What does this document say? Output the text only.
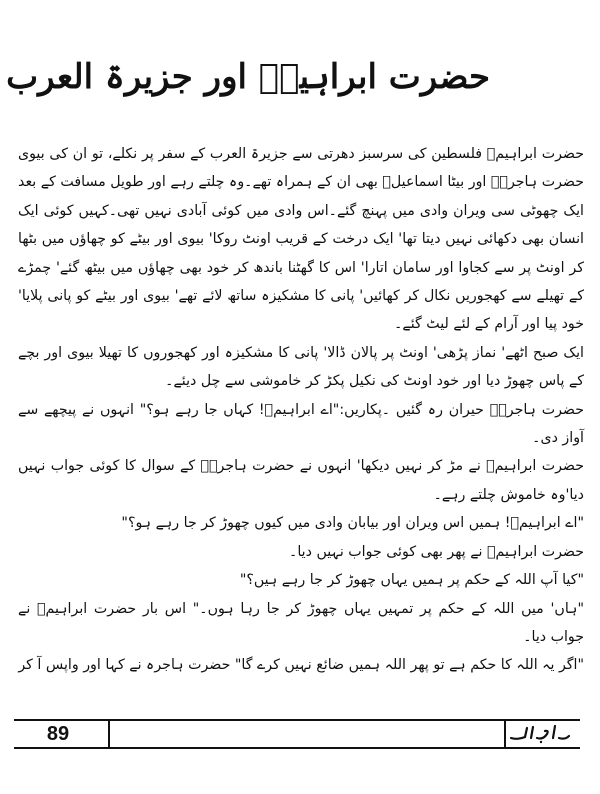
حضرت ابراہیمؑ اور جزیرۃ العرب

حضرت ابراہیمؑ فلسطین کی سرسبز دھرتی سے جزیرۃ العرب کے سفر پر نکلے، تو ان کی بیوی حضرت ہاجرہؑ اور بیٹا اسماعیلؑ بھی ان کے ہمراہ تھے۔وہ چلتے رہے اور طویل مسافت کے بعد ایک چھوٹی سی ویران وادی میں پہنچ گئے۔اس وادی میں کوئی آبادی نہیں تھی۔کہیں کوئی ایک انسان بھی دکھائی نہیں دیتا تھا' ایک درخت کے قریب اونٹ روکا' بیوی اور بیٹے کو چھاؤں میں بٹھا کر اونٹ پر سے کجاوا اور سامان اتارا' اس کا گھٹنا باندھ کر خود بھی چھاؤں میں بیٹھ گئے' چمڑے کے تھیلے سے کھجوریں نکال کر کھائیں' پانی کا مشکیزہ ساتھ لائے تھے' بیوی اور بیٹے کو پانی پلایا' خود پیا اور آرام کے لئے لیٹ گئے۔

ایک صبح اٹھے' نماز پڑھی' اونٹ پر پالان ڈالا' پانی کا مشکیزہ اور کھجوروں کا تھیلا بیوی اور بچے کے پاس چھوڑ دیا اور خود اونٹ کی نکیل پکڑ کر خاموشی سے چل دیئے۔

حضرت ہاجرہؑ حیران رہ گئیں ۔پکاریں:"اے ابراہیمؑ! کہاں جا رہے ہو؟" انہوں نے پیچھے سے آواز دی۔

حضرت ابراہیمؑ نے مڑ کر نہیں دیکھا' انہوں نے حضرت ہاجرہؑ کے سوال کا کوئی جواب نہیں دیا'وہ خاموش چلتے رہے۔

"اے ابراہیمؑ! ہمیں اس ویران اور بیابان وادی میں کیوں چھوڑ کر جا رہے ہو؟"

حضرت ابراہیمؑ نے پھر بھی کوئی جواب نہیں دیا۔

"کیا آپ اللہ کے حکم پر ہمیں یہاں چھوڑ کر جا رہے ہیں؟"

"ہاں' میں اللہ کے حکم پر تمہیں یہاں چھوڑ کر جا رہا ہوں۔" اس بار حضرت ابراہیمؑ نے جواب دیا۔

"اگر یہ اللہ کا حکم ہے تو پھر اللہ ہمیں ضائع نہیں کرے گا" حضرت ہاجرہ نے کہا اور واپس آ کر

89
